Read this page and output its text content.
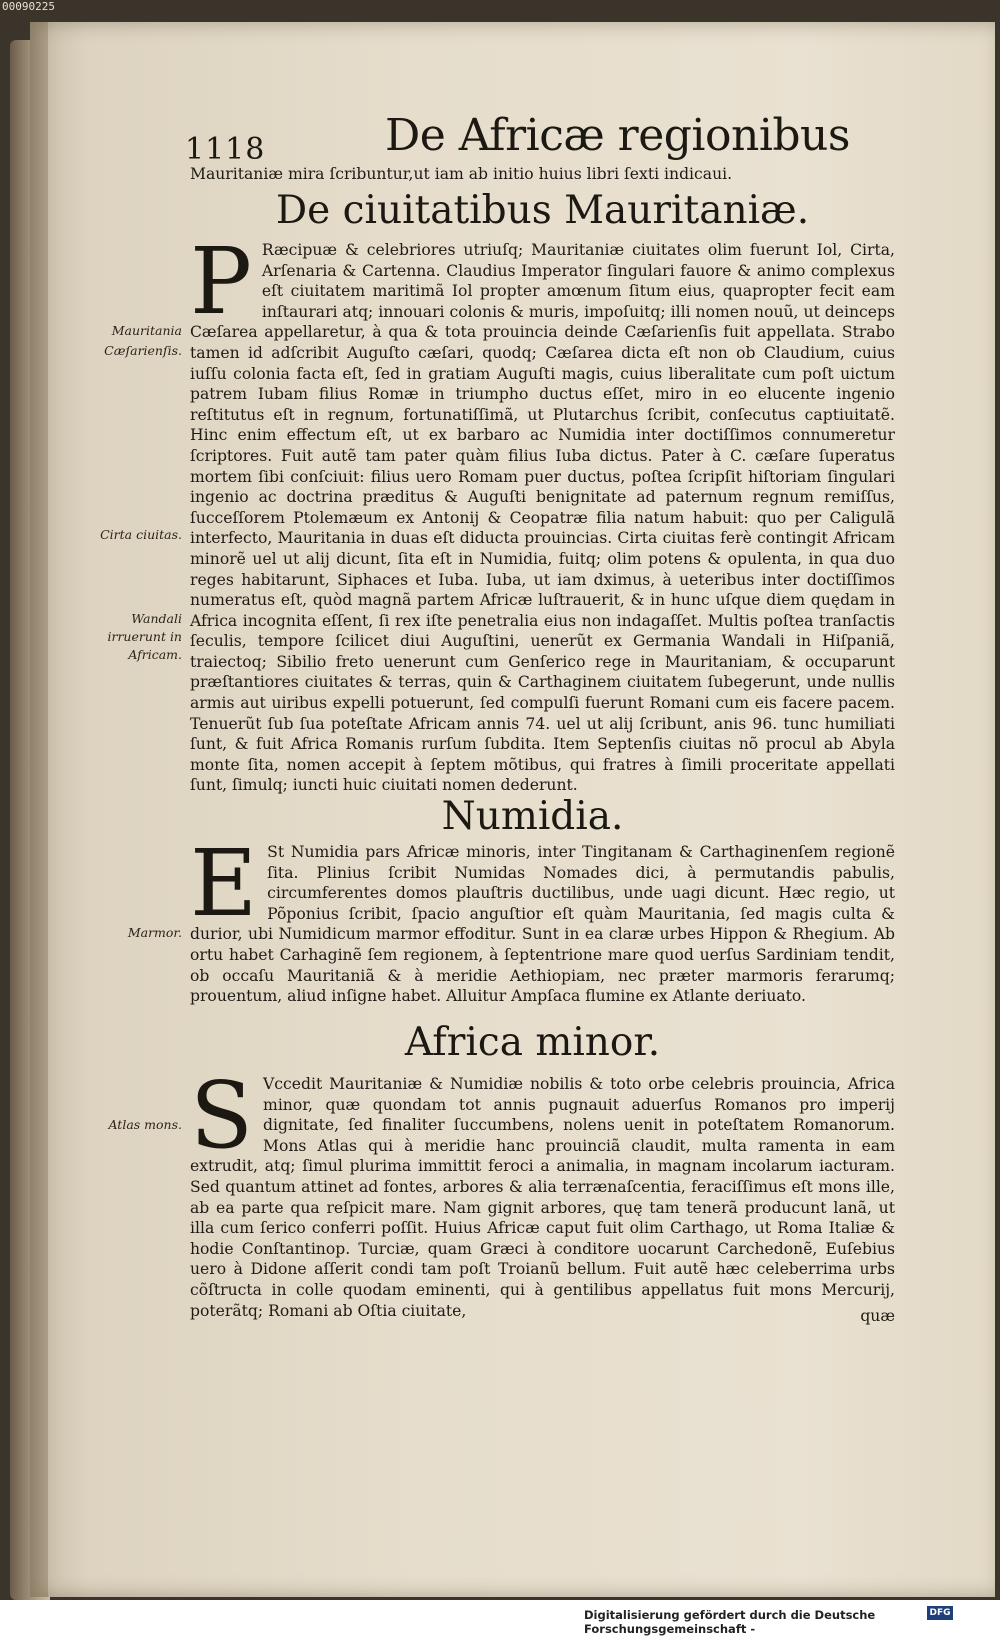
00090225
1118	De Africæ regionibus
Mauritaniæ mira ſcribuntur,ut iam ab initio huius libri ſexti indicaui.
De ciuitatibus Mauritaniæ.
P Ræcipuæ & celebriores utriuſq; Mauritaniæ ciuitates olim fuerunt Iol, Cirta, Arſenaria & Cartenna. Claudius Imperator ſingulari fauore & animo complexus eſt ciuitatem maritimã Iol propter amœnum ſitum eius, quapropter fecit eam inſtaurari atq; innouari colonis & muris, impoſuitq; illi nomen nouũ, ut deinceps Cæſarea appellaretur, à qua & tota prouincia deinde Cæſarienſis fuit appellata. Strabo tamen id adſcribit Auguſto cæſari, quodq; Cæſarea dicta eſt non ob Claudium, cuius iuſſu colonia facta eſt, ſed in gratiam Auguſti magis, cuius liberalitate cum poſt uictum patrem Iubam filius Romæ in triumpho ductus eſſet, miro in eo elucente ingenio reſtitutus eſt in regnum, fortunatiſſimã, ut Plutarchus ſcribit, conſecutus captiuitatẽ. Hinc enim effectum eſt, ut ex barbaro ac Numidia inter doctiſſimos connumeretur ſcriptores. Fuit autẽ tam pater quàm filius Iuba dictus. Pater à C. cæſare ſuperatus mortem ſibi conſciuit: filius uero Romam puer ductus, poſtea ſcripſit hiſtoriam ſingulari ingenio ac doctrina præditus & Auguſti benignitate ad paternum regnum remiſſus, ſucceſſorem Ptolemæum ex Antonij & Ceopatræ filia natum habuit: quo per Caligulã interfecto, Mauritania in duas eſt diducta prouincias. Cirta ciuitas ferè contingit Africam minorẽ uel ut alij dicunt, ſita eſt in Numidia, fuitq; olim potens & opulenta, in qua duo reges habitarunt, Siphaces et Iuba. Iuba, ut iam dximus, à ueteribus inter doctiſſimos numeratus eſt, quòd magnã partem Africæ luſtrauerit, & in hunc uſque diem quędam in Africa incognita eſſent, ſi rex iſte penetralia eius non indagaſſet. Multis poſtea tranſactis ſeculis, tempore ſcilicet diui Auguſtini, uenerũt ex Germania Wandali in Hiſpaniã, traiectoq; Sibilio freto uenerunt cum Genſerico rege in Mauritaniam, & occuparunt præſtantiores ciuitates & terras, quin & Carthaginem ciuitatem ſubegerunt, unde nullis armis aut uiribus expelli potuerunt, ſed compulſi fuerunt Romani cum eis facere pacem. Tenuerũt ſub ſua poteſtate Africam annis 74. uel ut alij ſcribunt, anis 96. tunc humiliati ſunt, & fuit Africa Romanis rurſum ſubdita. Item Septenſis ciuitas nõ procul ab Abyla monte ſita, nomen accepit à ſeptem mõtibus, qui fratres à ſimili proceritate appellati ſunt, ſimulq; iuncti huic ciuitati nomen dederunt.
Mauritania
Cæſarienſis.
Cirta ciuitas.
Wandali irruerunt in Africam.
Numidia.
E St Numidia pars Africæ minoris, inter Tingitanam & Carthaginenſem regionẽ ſita. Plinius ſcribit Numidas Nomades dici, à permutandis pabulis, circumferentes domos plauſtris ductilibus, unde uagi dicunt. Hæc regio, ut Põponius ſcribit, ſpacio anguſtior eſt quàm Mauritania, ſed magis culta & durior, ubi Numidicum marmor effoditur. Sunt in ea claræ urbes Hippon & Rhegium. Ab ortu habet Carhaginẽ ſem regionem, à ſeptentrione mare quod uerſus Sardiniam tendit, ob occaſu Mauritaniã & à meridie Aethiopiam, nec præter marmoris ferarumq; prouentum, aliud inſigne habet. Alluitur Ampſaca flumine ex Atlante deriuato.
Marmor.
Africa minor.
S Vccedit Mauritaniæ & Numidiæ nobilis & toto orbe celebris prouincia, Africa minor, quæ quondam tot annis pugnauit aduerſus Romanos pro imperij dignitate, ſed finaliter ſuccumbens, nolens uenit in poteſtatem Romanorum. Mons Atlas qui à meridie hanc prouinciã claudit, multa ramenta in eam extrudit, atq; ſimul plurima immittit feroci a animalia, in magnam incolarum iacturam. Sed quantum attinet ad fontes, arbores & alia terrænaſcentia, feraciſſimus eſt mons ille, ab ea parte qua reſpicit mare. Nam gignit arbores, quę tam tenerã producunt lanã, ut illa cum ſerico conferri poſſit. Huius Africæ caput fuit olim Carthago, ut Roma Italiæ & hodie Conſtantinop. Turciæ, quam Græci à conditore uocarunt Carchedonẽ, Euſebius uero à Didone aſſerit condi tam poſt Troianũ bellum. Fuit autẽ hæc celeberrima urbs cõſtructa in colle quodam eminenti, qui à gentilibus appellatus fuit mons Mercurij, poterãtq; Romani ab Oſtia ciuitate,
Atlas mons.
quæ
Digitalisierung gefördert durch die Deutsche Forschungsgemeinschaft -
DFG
